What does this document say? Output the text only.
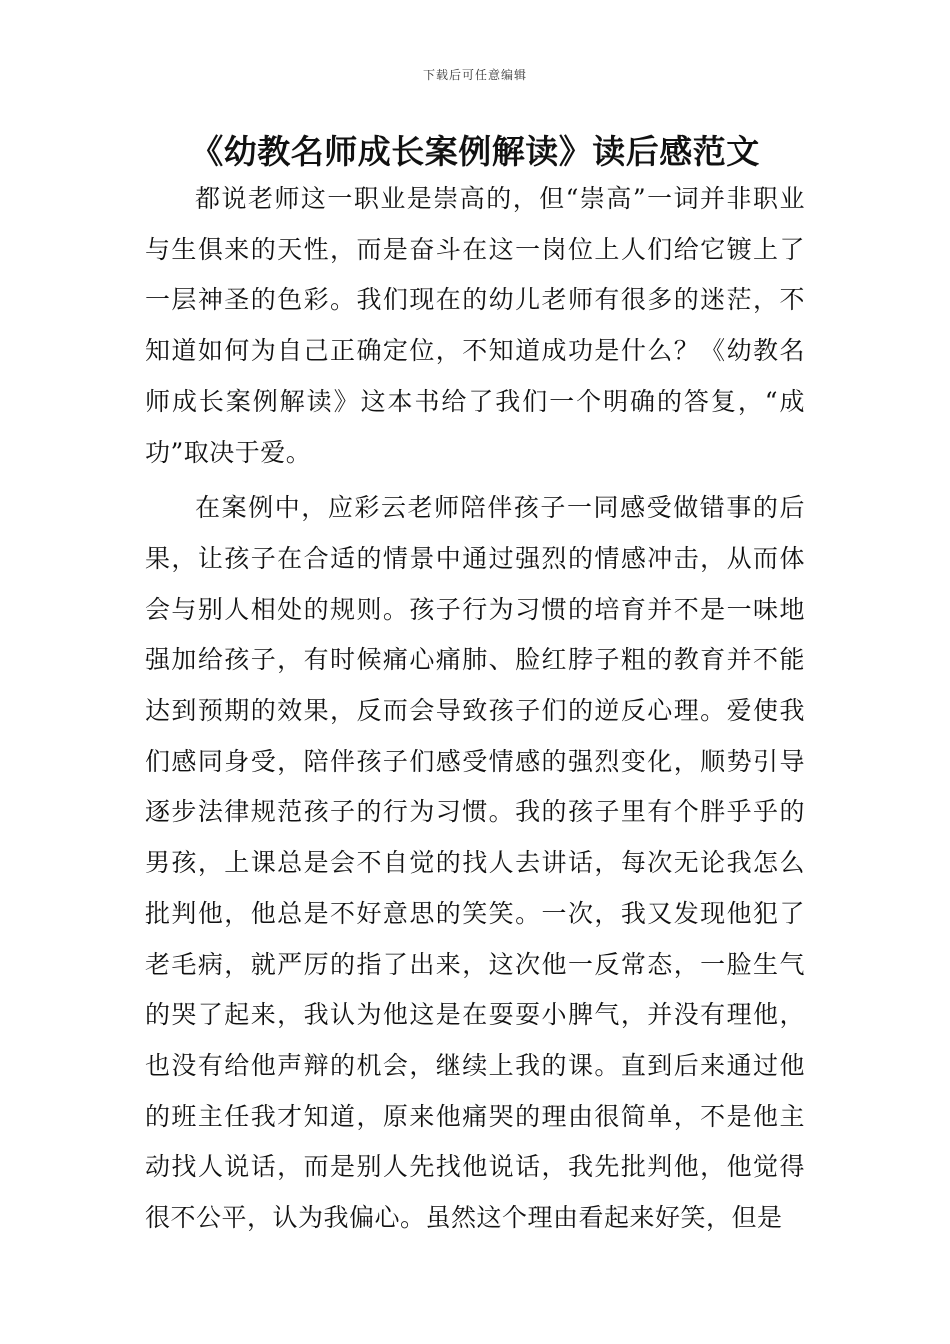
下载后可任意编辑
《幼教名师成长案例解读》读后感范文

都说老师这一职业是崇高的，但“崇高”一词并非职业与生俱来的天性，而是奋斗在这一岗位上人们给它镀上了一层神圣的色彩。我们现在的幼儿老师有很多的迷茫，不知道如何为自己正确定位，不知道成功是什么？《幼教名师成长案例解读》这本书给了我们一个明确的答复，“成功”取决于爱。

在案例中，应彩云老师陪伴孩子一同感受做错事的后果，让孩子在合适的情景中通过强烈的情感冲击，从而体会与别人相处的规则。孩子行为习惯的培育并不是一味地强加给孩子，有时候痛心痛肺、脸红脖子粗的教育并不能达到预期的效果，反而会导致孩子们的逆反心理。爱使我们感同身受，陪伴孩子们感受情感的强烈变化，顺势引导逐步法律规范孩子的行为习惯。我的孩子里有个胖乎乎的男孩，上课总是会不自觉的找人去讲话，每次无论我怎么批判他，他总是不好意思的笑笑。一次，我又发现他犯了老毛病，就严厉的指了出来，这次他一反常态，一脸生气的哭了起来，我认为他这是在耍耍小脾气，并没有理他，也没有给他声辩的机会，继续上我的课。直到后来通过他的班主任我才知道，原来他痛哭的理由很简单，不是他主动找人说话，而是别人先找他说话，我先批判他，他觉得很不公平，认为我偏心。虽然这个理由看起来好笑，但是
